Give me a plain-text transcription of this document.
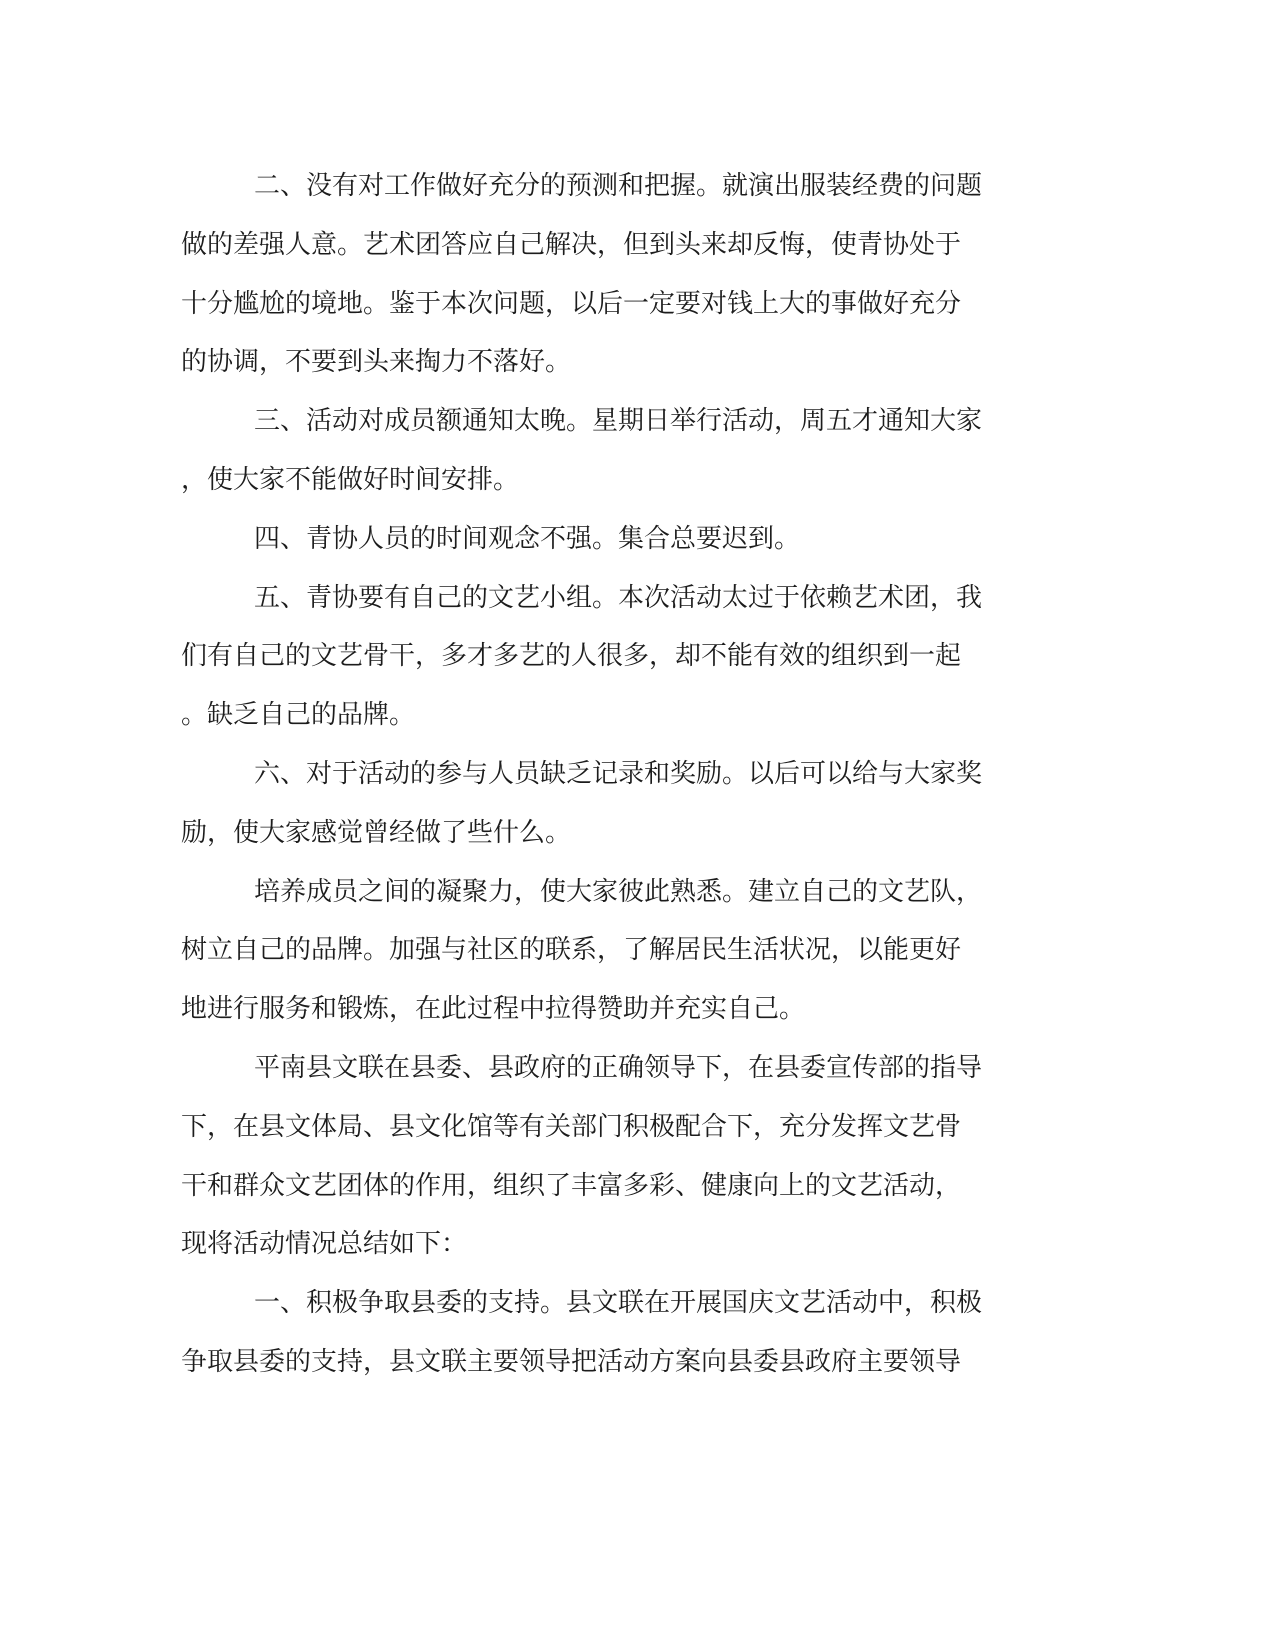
二、没有对工作做好充分的预测和把握。就演出服装经费的问题
做的差强人意。艺术团答应自己解决，但到头来却反悔，使青协处于
十分尴尬的境地。鉴于本次问题，以后一定要对钱上大的事做好充分
的协调，不要到头来掏力不落好。
三、活动对成员额通知太晚。星期日举行活动，周五才通知大家
，使大家不能做好时间安排。
四、青协人员的时间观念不强。集合总要迟到。
五、青协要有自己的文艺小组。本次活动太过于依赖艺术团，我
们有自己的文艺骨干，多才多艺的人很多，却不能有效的组织到一起
。缺乏自己的品牌。
六、对于活动的参与人员缺乏记录和奖励。以后可以给与大家奖
励，使大家感觉曾经做了些什么。
培养成员之间的凝聚力，使大家彼此熟悉。建立自己的文艺队，
树立自己的品牌。加强与社区的联系，了解居民生活状况，以能更好
地进行服务和锻炼，在此过程中拉得赞助并充实自己。
平南县文联在县委、县政府的正确领导下，在县委宣传部的指导
下，在县文体局、县文化馆等有关部门积极配合下，充分发挥文艺骨
干和群众文艺团体的作用，组织了丰富多彩、健康向上的文艺活动，
现将活动情况总结如下：
一、积极争取县委的支持。县文联在开展国庆文艺活动中，积极
争取县委的支持，县文联主要领导把活动方案向县委县政府主要领导
